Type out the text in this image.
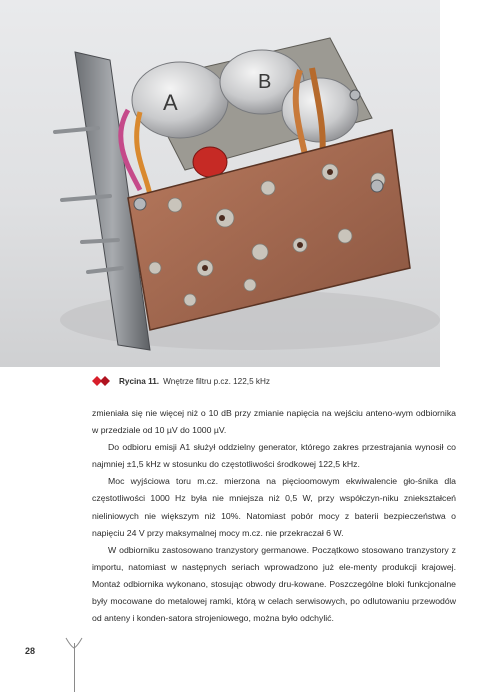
A
B
Rycina 11. Wnętrze filtru p.cz. 122,5 kHz

zmieniała się nie więcej niż o 10 dB przy zmianie napięcia na wejściu anteno-wym odbiornika w przedziale od 10 µV do 1000 µV.

Do odbioru emisji A1 służył oddzielny generator, którego zakres przestrajania wynosił co najmniej ±1,5 kHz w stosunku do częstotliwości środkowej 122,5 kHz.

Moc wyjściowa toru m.cz. mierzona na pięcioomowym ekwiwalencie gło-śnika dla częstotliwości 1000 Hz była nie mniejsza niż 0,5 W, przy współczyn-niku zniekształceń nieliniowych nie większym niż 10%. Natomiast pobór mocy z baterii bezpieczeństwa o napięciu 24 V przy maksymalnej mocy m.cz. nie przekraczał 6 W.

W odbiorniku zastosowano tranzystory germanowe. Początkowo stosowano tranzystory z importu, natomiast w następnych seriach wprowadzono już ele-menty produkcji krajowej. Montaż odbiornika wykonano, stosując obwody dru-kowane. Poszczególne bloki funkcjonalne były mocowane do metalowej ramki, którą w celach serwisowych, po odlutowaniu przewodów od anteny i konden-satora strojeniowego, można było odchylić.

28
